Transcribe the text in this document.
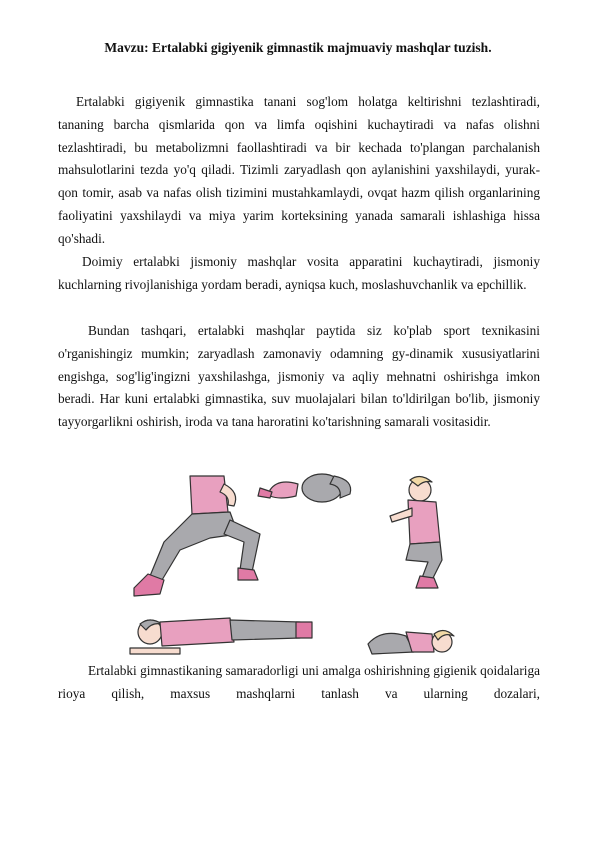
Mavzu: Ertalabki gigiyenik gimnastik majmuaviy mashqlar tuzish.

Ertalabki gigiyenik gimnastika tanani sog'lom holatga keltirishni tezlashtiradi, tananing barcha qismlarida qon va limfa oqishini kuchaytiradi va nafas olishni tezlashtiradi, bu metabolizmni faollashtiradi va bir kechada to'plangan parchalanish mahsulotlarini tezda yo'q qiladi. Tizimli zaryadlash qon aylanishini yaxshilaydi, yurak-qon tomir, asab va nafas olish tizimini mustahkamlaydi, ovqat hazm qilish organlarining faoliyatini yaxshilaydi va miya yarim korteksining yanada samarali ishlashiga hissa qo'shadi.

Doimiy ertalabki jismoniy mashqlar vosita apparatini kuchaytiradi, jismoniy kuchlarning rivojlanishiga yordam beradi, ayniqsa kuch, moslashuvchanlik va epchillik.

Bundan tashqari, ertalabki mashqlar paytida siz ko'plab sport texnikasini o'rganishingiz mumkin; zaryadlash zamonaviy odamning gy-dinamik xususiyatlarini engishga, sog'lig'ingizni yaxshilashga, jismoniy va aqliy mehnatni oshirishga imkon beradi. Har kuni ertalabki gimnastika, suv muolajalari bilan to'ldirilgan bo'lib, jismoniy tayyorgarlikni oshirish, iroda va tana haroratini ko'tarishning samarali vositasidir.

Ertalabki gimnastikaning samaradorligi uni amalga oshirishning gigienik qoidalariga rioya qilish, maxsus mashqlarni tanlash va ularning dozalari,
